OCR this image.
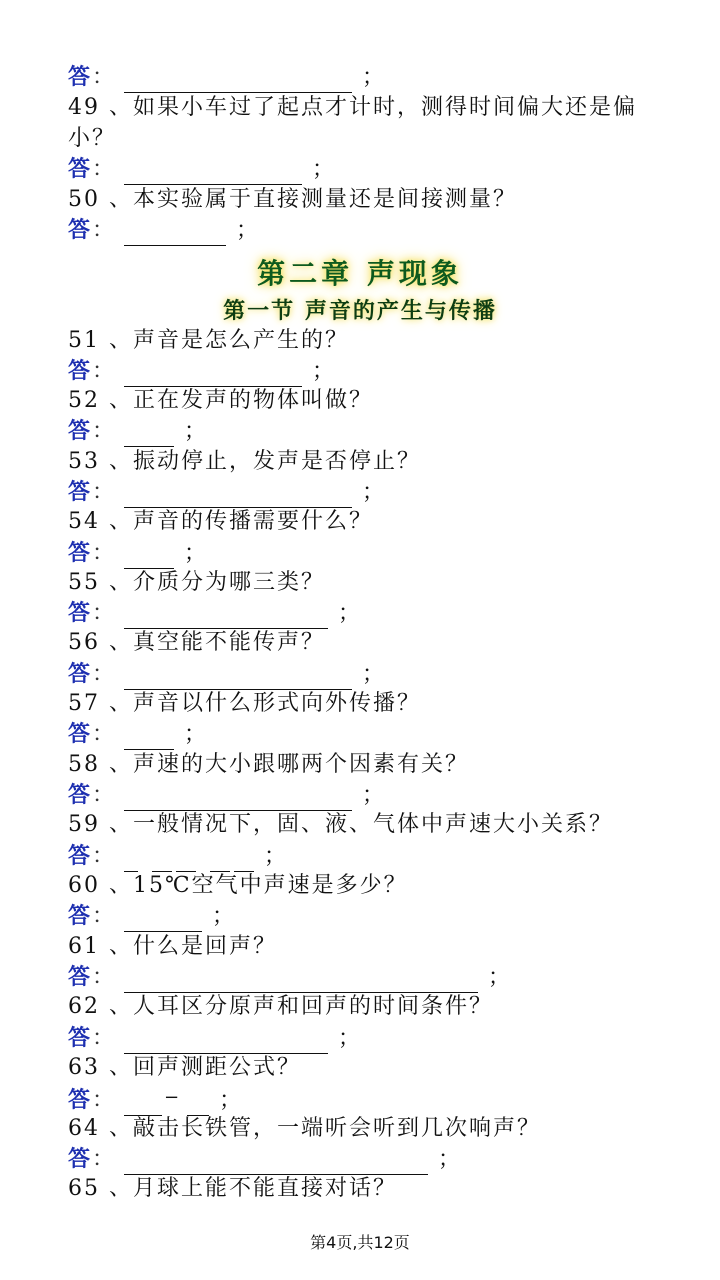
答：	；
49 、如果小车过了起点才计时，测得时间偏大还是偏
小？
答：	；
50 、本实验属于直接测量还是间接测量？
答：	；
第二章 声现象
第一节 声音的产生与传播
51 、声音是怎么产生的？
答：	；
52 、正在发声的物体叫做？
答：	；
53 、振动停止，发声是否停止？
答：	；
54 、声音的传播需要什么？
答：	；
55 、介质分为哪三类？
答：	；
56 、真空能不能传声？
答：	；
57 、声音以什么形式向外传播？
答：	；
58 、声速的大小跟哪两个因素有关？
答：	；
59 、一般情况下，固、液、气体中声速大小关系？
答：	；
60 、15℃空气中声速是多少？
答：	；
61 、什么是回声？
答：	；
62 、人耳区分原声和回声的时间条件？
答：	；
63 、回声测距公式？
答：	− ；
64 、敲击长铁管，一端听会听到几次响声？
答：	；
65 、月球上能不能直接对话？
第4页,共12页
